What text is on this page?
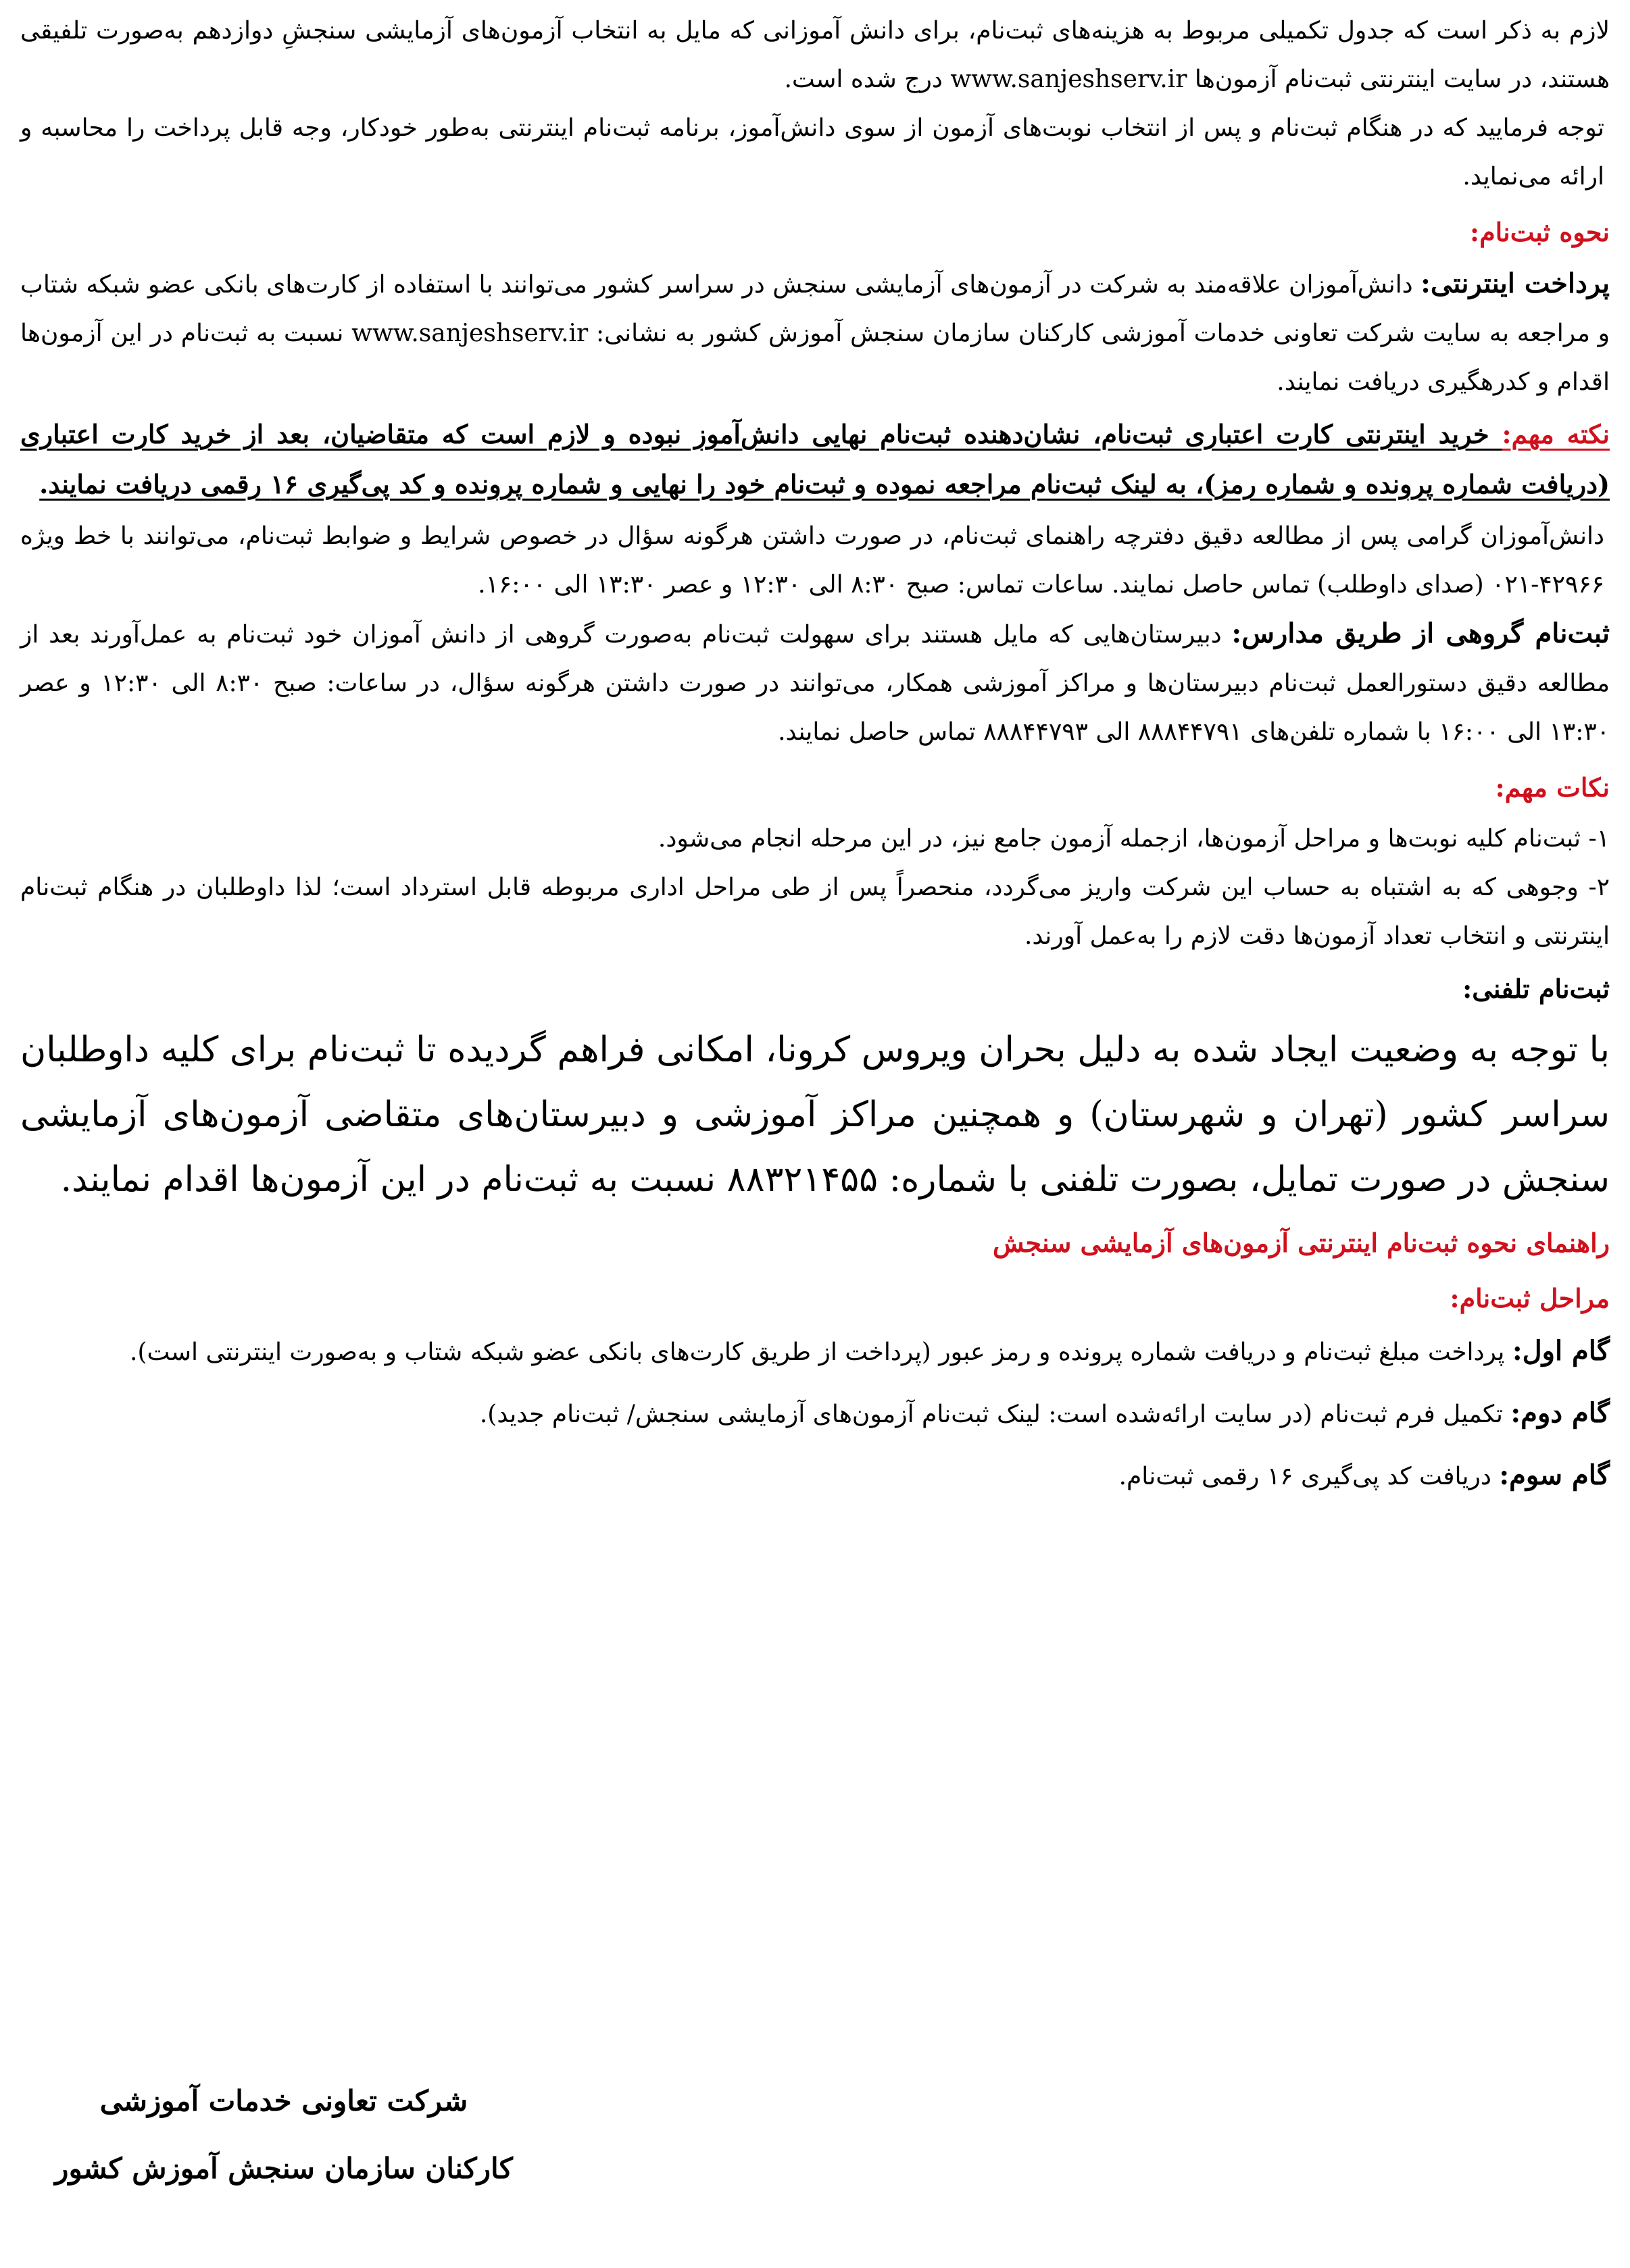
لازم به ذکر است که جدول تکمیلی مربوط به هزینه‌های ثبت‌نام، برای دانش آموزانی که مایل به انتخاب آزمون‌های آزمایشی سنجشِ دوازدهم به‌صورت تلفیقی هستند، در سایت اینترنتی ثبت‌نام آزمون‌ها www.sanjeshserv.ir درج شده است.

توجه فرمایید که در هنگام ثبت‌نام و پس از انتخاب نوبت‌های آزمون از سوی دانش‌آموز، برنامه ثبت‌نام اینترنتی به‌طور خودکار، وجه قابل پرداخت را محاسبه و ارائه می‌نماید.

نحوه ثبت‌نام:

پرداخت اینترنتی: دانش‌آموزان علاقه‌مند به شرکت در آزمون‌های آزمایشی سنجش در سراسر کشور می‌توانند با استفاده از کارت‌های بانکی عضو شبکه شتاب و مراجعه به سایت شرکت تعاونی خدمات آموزشی کارکنان سازمان سنجش آموزش کشور به نشانی: www.sanjeshserv.ir نسبت به ثبت‌نام در این آزمون‌ها اقدام و کدرهگیری دریافت نمایند.

نکته مهم: خرید اینترنتی کارت اعتباری ثبت‌نام، نشان‌دهنده ثبت‌نام نهایی دانش‌آموز نبوده و لازم است که متقاضیان، بعد از خرید کارت اعتباری (دریافت شماره پرونده و شماره رمز)، به لینک ثبت‌نام مراجعه نموده و ثبت‌نام خود را نهایی و شماره پرونده و کد پی‌گیری ۱۶ رقمی دریافت نمایند.

دانش‌آموزان گرامی پس از مطالعه دقیق دفترچه راهنمای ثبت‌نام، در صورت داشتن هرگونه سؤال در خصوص شرایط و ضوابط ثبت‌نام، می‌توانند با خط ویژه ۴۲۹۶۶-۰۲۱ (صدای داوطلب) تماس حاصل نمایند. ساعات تماس: صبح ۸:۳۰ الی ۱۲:۳۰ و عصر ۱۳:۳۰ الی ۱۶:۰۰.

ثبت‌نام گروهی از طریق مدارس: دبیرستان‌هایی که مایل هستند برای سهولت ثبت‌نام به‌صورت گروهی از دانش آموزان خود ثبت‌نام به عمل‌آورند بعد از مطالعه دقیق دستورالعمل ثبت‌نام دبیرستان‌ها و مراکز آموزشی همکار، می‌توانند در صورت داشتن هرگونه سؤال، در ساعات: صبح ۸:۳۰ الی ۱۲:۳۰ و عصر ۱۳:۳۰ الی ۱۶:۰۰ با شماره تلفن‌های ۸۸۸۴۴۷۹۱ الی ۸۸۸۴۴۷۹۳ تماس حاصل نمایند.

نکات مهم:

۱- ثبت‌نام کلیه نوبت‌ها و مراحل آزمون‌ها، ازجمله آزمون جامع نیز، در این مرحله انجام می‌شود.

۲- وجوهی که به اشتباه به حساب این شرکت واریز می‌گردد، منحصراً پس از طی مراحل اداری مربوطه قابل استرداد است؛ لذا داوطلبان در هنگام ثبت‌نام اینترنتی و انتخاب تعداد آزمون‌ها دقت لازم را به‌عمل آورند.

ثبت‌نام تلفنی:

با توجه به وضعیت ایجاد شده به دلیل بحران ویروس کرونا، امکانی فراهم گردیده تا ثبت‌نام برای کلیه داوطلبان سراسر کشور (تهران و شهرستان) و همچنین مراکز آموزشی و دبیرستان‌های متقاضی آزمون‌های آزمایشی سنجش در صورت تمایل، بصورت تلفنی با شماره: ۸۸۳۲۱۴۵۵ نسبت به ثبت‌نام در این آزمون‌ها اقدام نمایند.

راهنمای نحوه ثبت‌نام اینترنتی آزمون‌های آزمایشی سنجش
مراحل ثبت‌نام:

گام اول: پرداخت مبلغ ثبت‌نام و دریافت شماره پرونده و رمز عبور (پرداخت از طریق کارت‌های بانکی عضو شبکه شتاب و به‌صورت اینترنتی است).

گام دوم: تکمیل فرم ثبت‌نام (در سایت ارائه‌شده است: لینک ثبت‌نام آزمون‌های آزمایشی سنجش/ ثبت‌نام جدید).

گام سوم: دریافت کد پی‌گیری ۱۶ رقمی ثبت‌نام.

شرکت تعاونی خدمات آموزشی
کارکنان سازمان سنجش آموزش کشور
